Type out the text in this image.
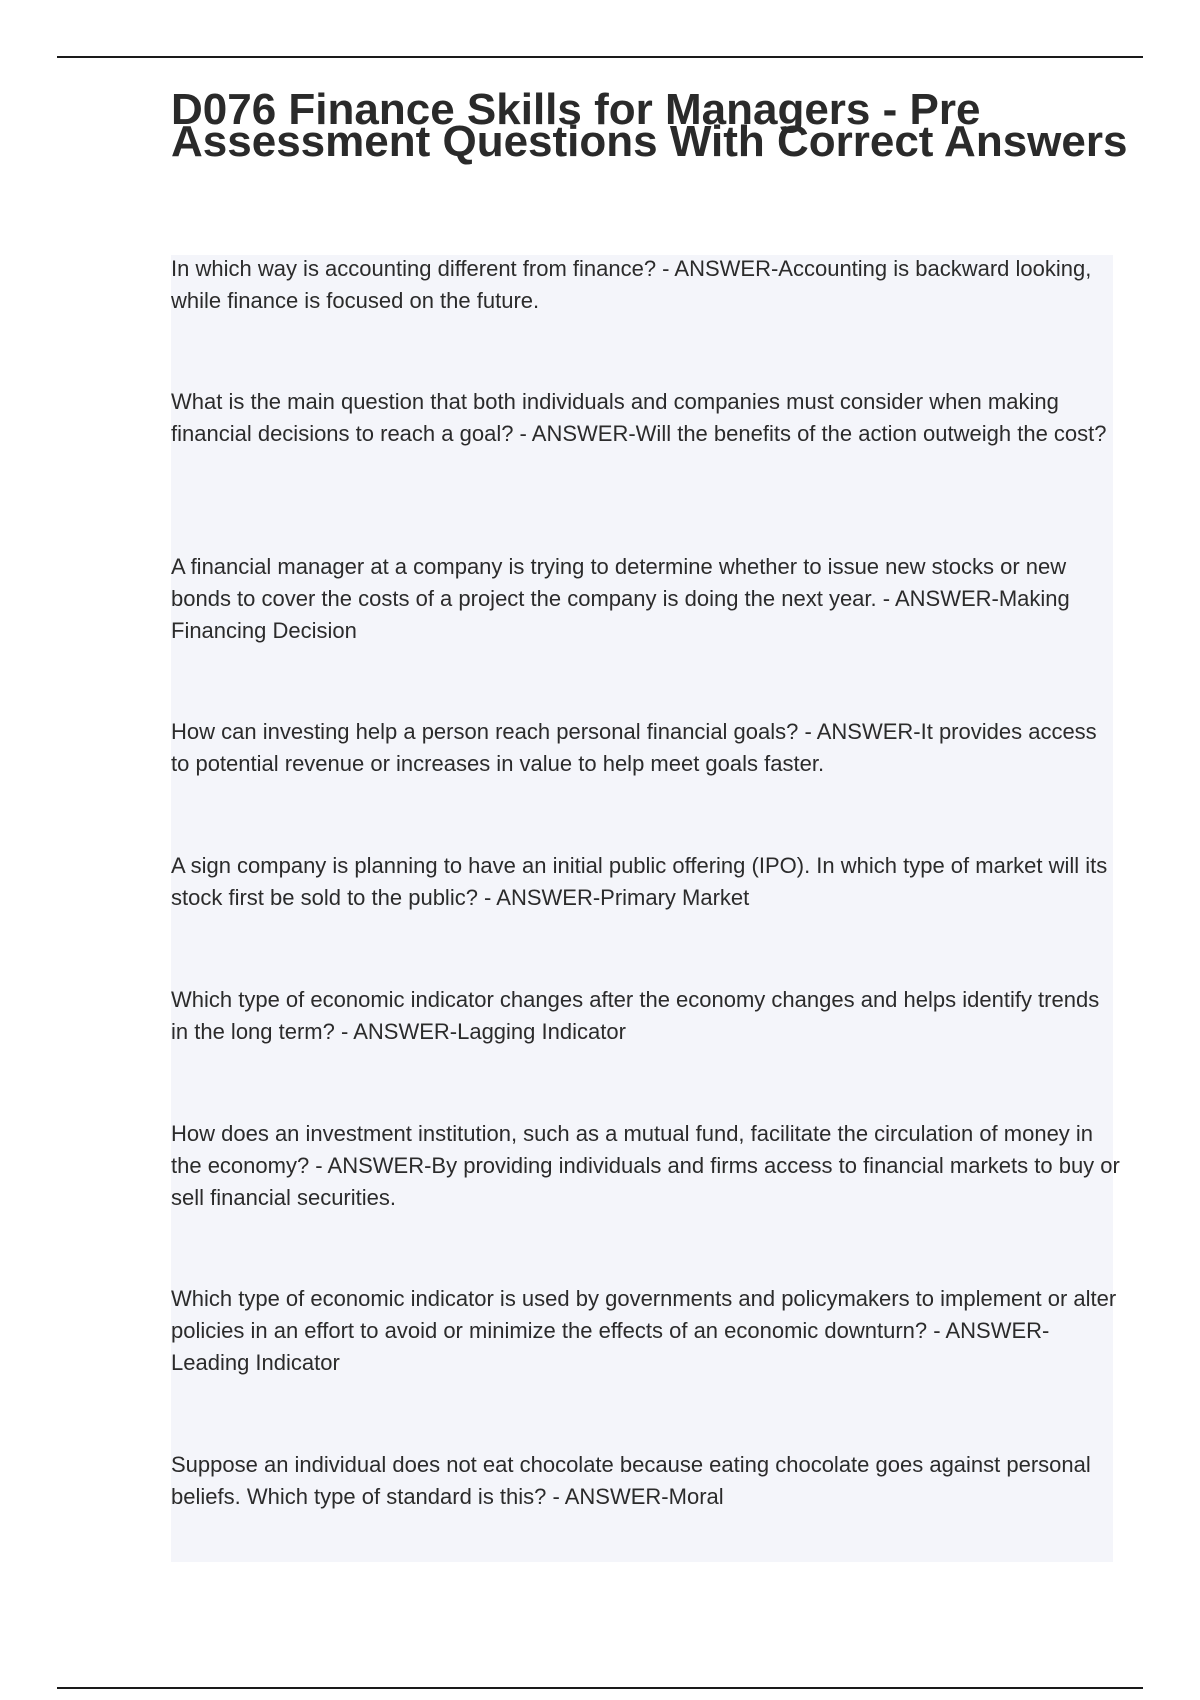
D076 Finance Skills for Managers - Pre Assessment Questions With Correct Answers

In which way is accounting different from finance? - ANSWER-Accounting is backward looking, while finance is focused on the future.

What is the main question that both individuals and companies must consider when making financial decisions to reach a goal? - ANSWER-Will the benefits of the action outweigh the cost?

A financial manager at a company is trying to determine whether to issue new stocks or new bonds to cover the costs of a project the company is doing the next year. - ANSWER-Making Financing Decision

How can investing help a person reach personal financial goals? - ANSWER-It provides access to potential revenue or increases in value to help meet goals faster.

A sign company is planning to have an initial public offering (IPO). In which type of market will its stock first be sold to the public? - ANSWER-Primary Market

Which type of economic indicator changes after the economy changes and helps identify trends in the long term? - ANSWER-Lagging Indicator

How does an investment institution, such as a mutual fund, facilitate the circulation of money in the economy? - ANSWER-By providing individuals and firms access to financial markets to buy or sell financial securities.

Which type of economic indicator is used by governments and policymakers to implement or alter policies in an effort to avoid or minimize the effects of an economic downturn? - ANSWER-Leading Indicator

Suppose an individual does not eat chocolate because eating chocolate goes against personal beliefs. Which type of standard is this? - ANSWER-Moral
